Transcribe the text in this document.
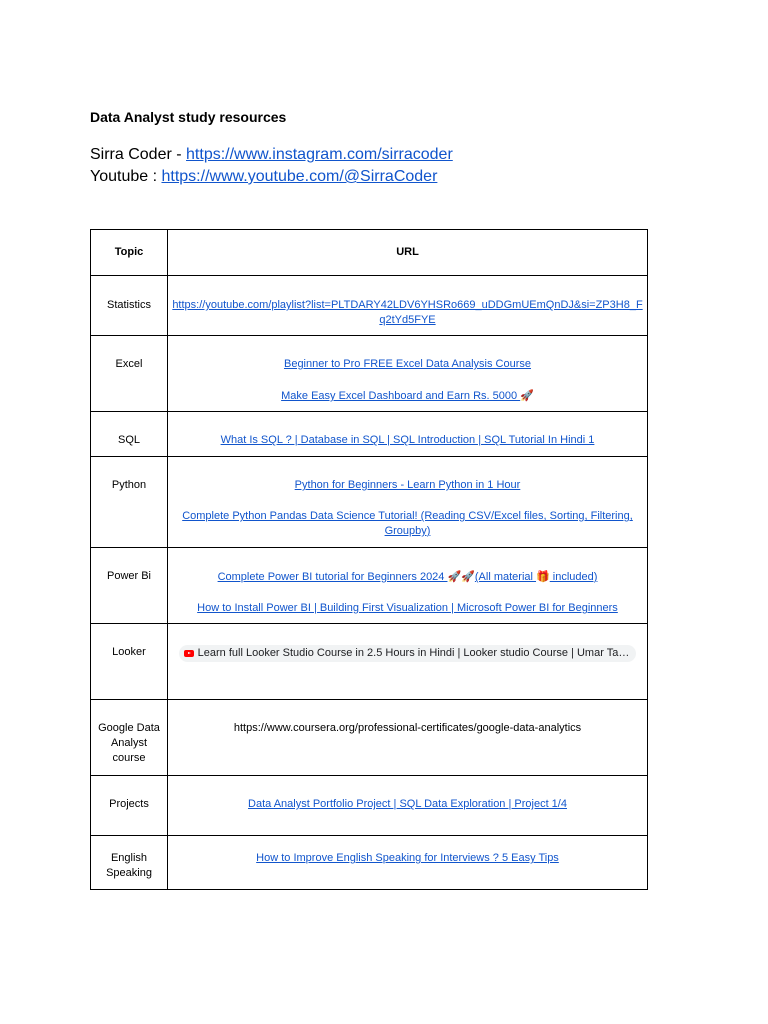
Data Analyst study resources
Sirra Coder - https://www.instagram.com/sirracoder
Youtube : https://www.youtube.com/@SirraCoder
Topic	URL
Statistics	https://youtube.com/playlist?list=PLTDARY42LDV6YHSRo669_uDDGmUEmQnDJ&si=ZP3H8_Fq2tYd5FYE

Excel	Beginner to Pro FREE Excel Data Analysis Course
Make Easy Excel Dashboard and Earn Rs. 5000 🚀

SQL	What Is SQL ? | Database in SQL | SQL Introduction | SQL Tutorial In Hindi 1

Python	Python for Beginners - Learn Python in 1 Hour
Complete Python Pandas Data Science Tutorial! (Reading CSV/Excel files, Sorting, Filtering, Groupby)

Power Bi	Complete Power BI tutorial for Beginners 2024 🚀🚀(All material 🎁 included)
How to Install Power BI | Building First Visualization | Microsoft Power BI for Beginners

Looker	Learn full Looker Studio Course in 2.5 Hours in Hindi | Looker studio Course | Umar Ta…
Google Data Analyst course	https://www.coursera.org/professional-certificates/google-data-analytics

Projects	Data Analyst Portfolio Project | SQL Data Exploration | Project 1/4

English Speaking	How to Improve English Speaking for Interviews ? 5 Easy Tips
